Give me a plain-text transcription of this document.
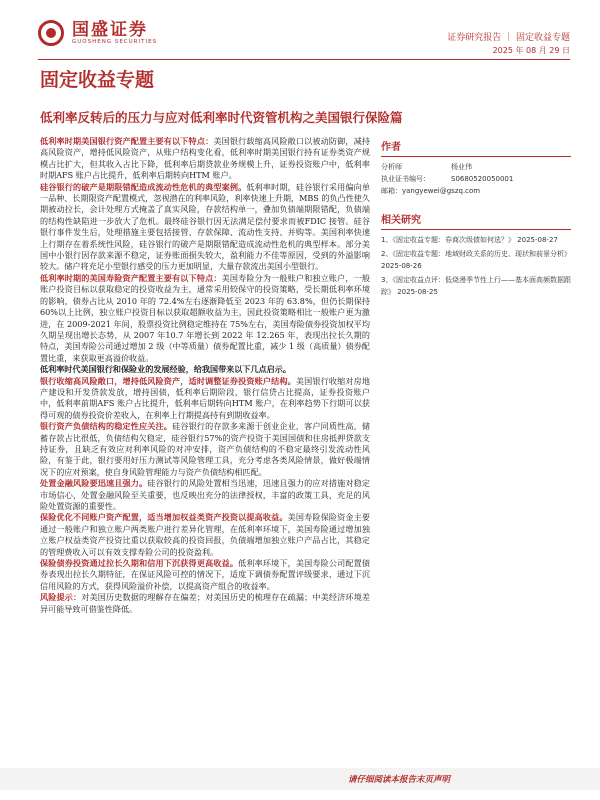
国盛证券
GUOSHENG SECURITIES	证券研究报告 ｜ 固定收益专题
2025 年 08 月 29 日
固定收益专题
低利率反转后的压力与应对低利率时代资管机构之美国银行保险篇

低利率时期美国银行资产配置主要有以下特点：美国银行载缩高风险敞口以被动防御，减持高风险资产，增持低风险资产，从账户结构变化看，低利率时期美国银行持有证券类资产规模占比扩大，但其收入占比下降，低利率后期贷款业务规模上升，证券投资账户中，低利率时期AFS 账户占比提升，低利率后期转向HTM 账户。

硅谷银行的破产是期限错配造成流动性危机的典型案例。低利率时期，硅谷银行采用偏向单一品种、长期限资产配置模式，忽视潜在的利率风险，利率快速上升期，MBS 的负凸性使久期被动拉长，会计处理方式掩盖了真实风险，存款结构单一，叠加负债端期限错配，负债端的结构性缺陷进一步放大了危机。最终硅谷银行因无法满足偿付要求而被FDIC 接管。硅谷银行事件发生后，处理措施主要包括接管、存款保障、流动性支持、并购等。美国利率快速上行期存在着系统性风险，硅谷银行的破产是期限错配造成流动性危机的典型样本。部分美国中小银行因存款来源不稳定，证券账面损失较大，盈利能力不佳等原因，受到的外溢影响较大。储户将充足小型银行感受的压力更加明显，大量存款流出美国小型银行。

低利率时期的美国寿险资产配置主要有以下特点：美国寿险分为一般账户和独立账户，一般账户投资目标以获取稳定的投资收益为主，通常采用较保守的投资策略，受长期低利率环境的影响，债券占比从 2010 年的 72.4%左右逐渐降低至 2023 年的 63.8%，但仍长期保持 60%以上比例，独立账户投资目标以获取超额收益为主，因此投资策略相比一般账户更为激进，在 2009-2021 年间，股票投资比例稳定维持在 75%左右，美国寿险债券投资加权平均久期呈现出增长态势，从 2007 年10.7 年增长到 2022 年 12.265 年，表现出拉长久期的特点，美国寿险公司通过增加 2 级（中等质量）债券配置比重，减少 1 级（高质量）债券配置比重，来获取更高溢价收益。

低利率时代美国银行和保险业的发展经验，给我国带来以下几点启示。

银行收缩高风险敞口，增持低风险资产，适时调整证券投资账户结构。美国银行收缩对房地产建设和开发贷款发放，增持国债，低利率后期阶段，银行信贷占比提高，证券投资账户中，低利率前期AFS 账户占比提升，低利率后期转向HTM 账户，在利率趋势下行期可以获得可观的债券投资价差收入，在利率上行期提高持有到期收益率。

银行资产负债结构的稳定性应关注。硅谷银行的存款多来源于创业企业，客户同质性高，储蓄存款占比很低，负债结构欠稳定，硅谷银行57%的资产投资于美国国债和住房抵押贷款支持证券，且缺乏有效应对利率风险的对冲安排，资产负债结构的不稳定最终引发流动性风险，有鉴于此，银行要用好压力测试等风险管理工具，充分考虑各类风险情景，做好极端情况下的应对预案，使自身风险管理能力与资产负债结构相匹配。

处置金融风险要迅速且强力。硅谷银行的风险处置相当迅速，迅速且强力的应对措施对稳定市场信心，处置金融风险至关重要，也反映出充分的法律授权，丰富的政策工具，充足的风险处置资源的重要性。

保险优化不同账户资产配置，适当增加权益类资产投资以提高收益。美国寿险保险资金主要通过一般账户和独立账户两类账户进行差异化管理，在低利率环境下，美国寿险通过增加独立账户权益类资产投资比重以获取较高的投资回报，负债端增加独立账户产品占比，其稳定的管理费收入可以有效支撑寿险公司的投资盈利。

保险债券投资通过拉长久期和信用下沉获得更高收益。低利率环境下，美国寿险公司配置债券表现出拉长久期特征，在保证风险可控的情况下，适度下调债券配置评级要求，通过下沉信用风险的方式，获得风险溢价补偿，以提高资产组合的收益率。

风险提示：对美国历史数据的理解存在偏差；对美国历史的梳理存在疏漏；中美经济环境差异可能导致可借鉴性降低。

作者
分析师	杨业伟
执业证书编号：	S0680520050001
邮箱：yangyewei@gszq.com
相关研究
1、《固定收益专题：券商次级债如何选？》 2025-08-27
2、《固定收益专题：地域财政关系的历史、现状和前景分析》 2025-08-26
3、《固定收益点评：低烧漫季节性上行——基本面高频数据跟踪》 2025-08-25
请仔细阅读本报告末页声明
